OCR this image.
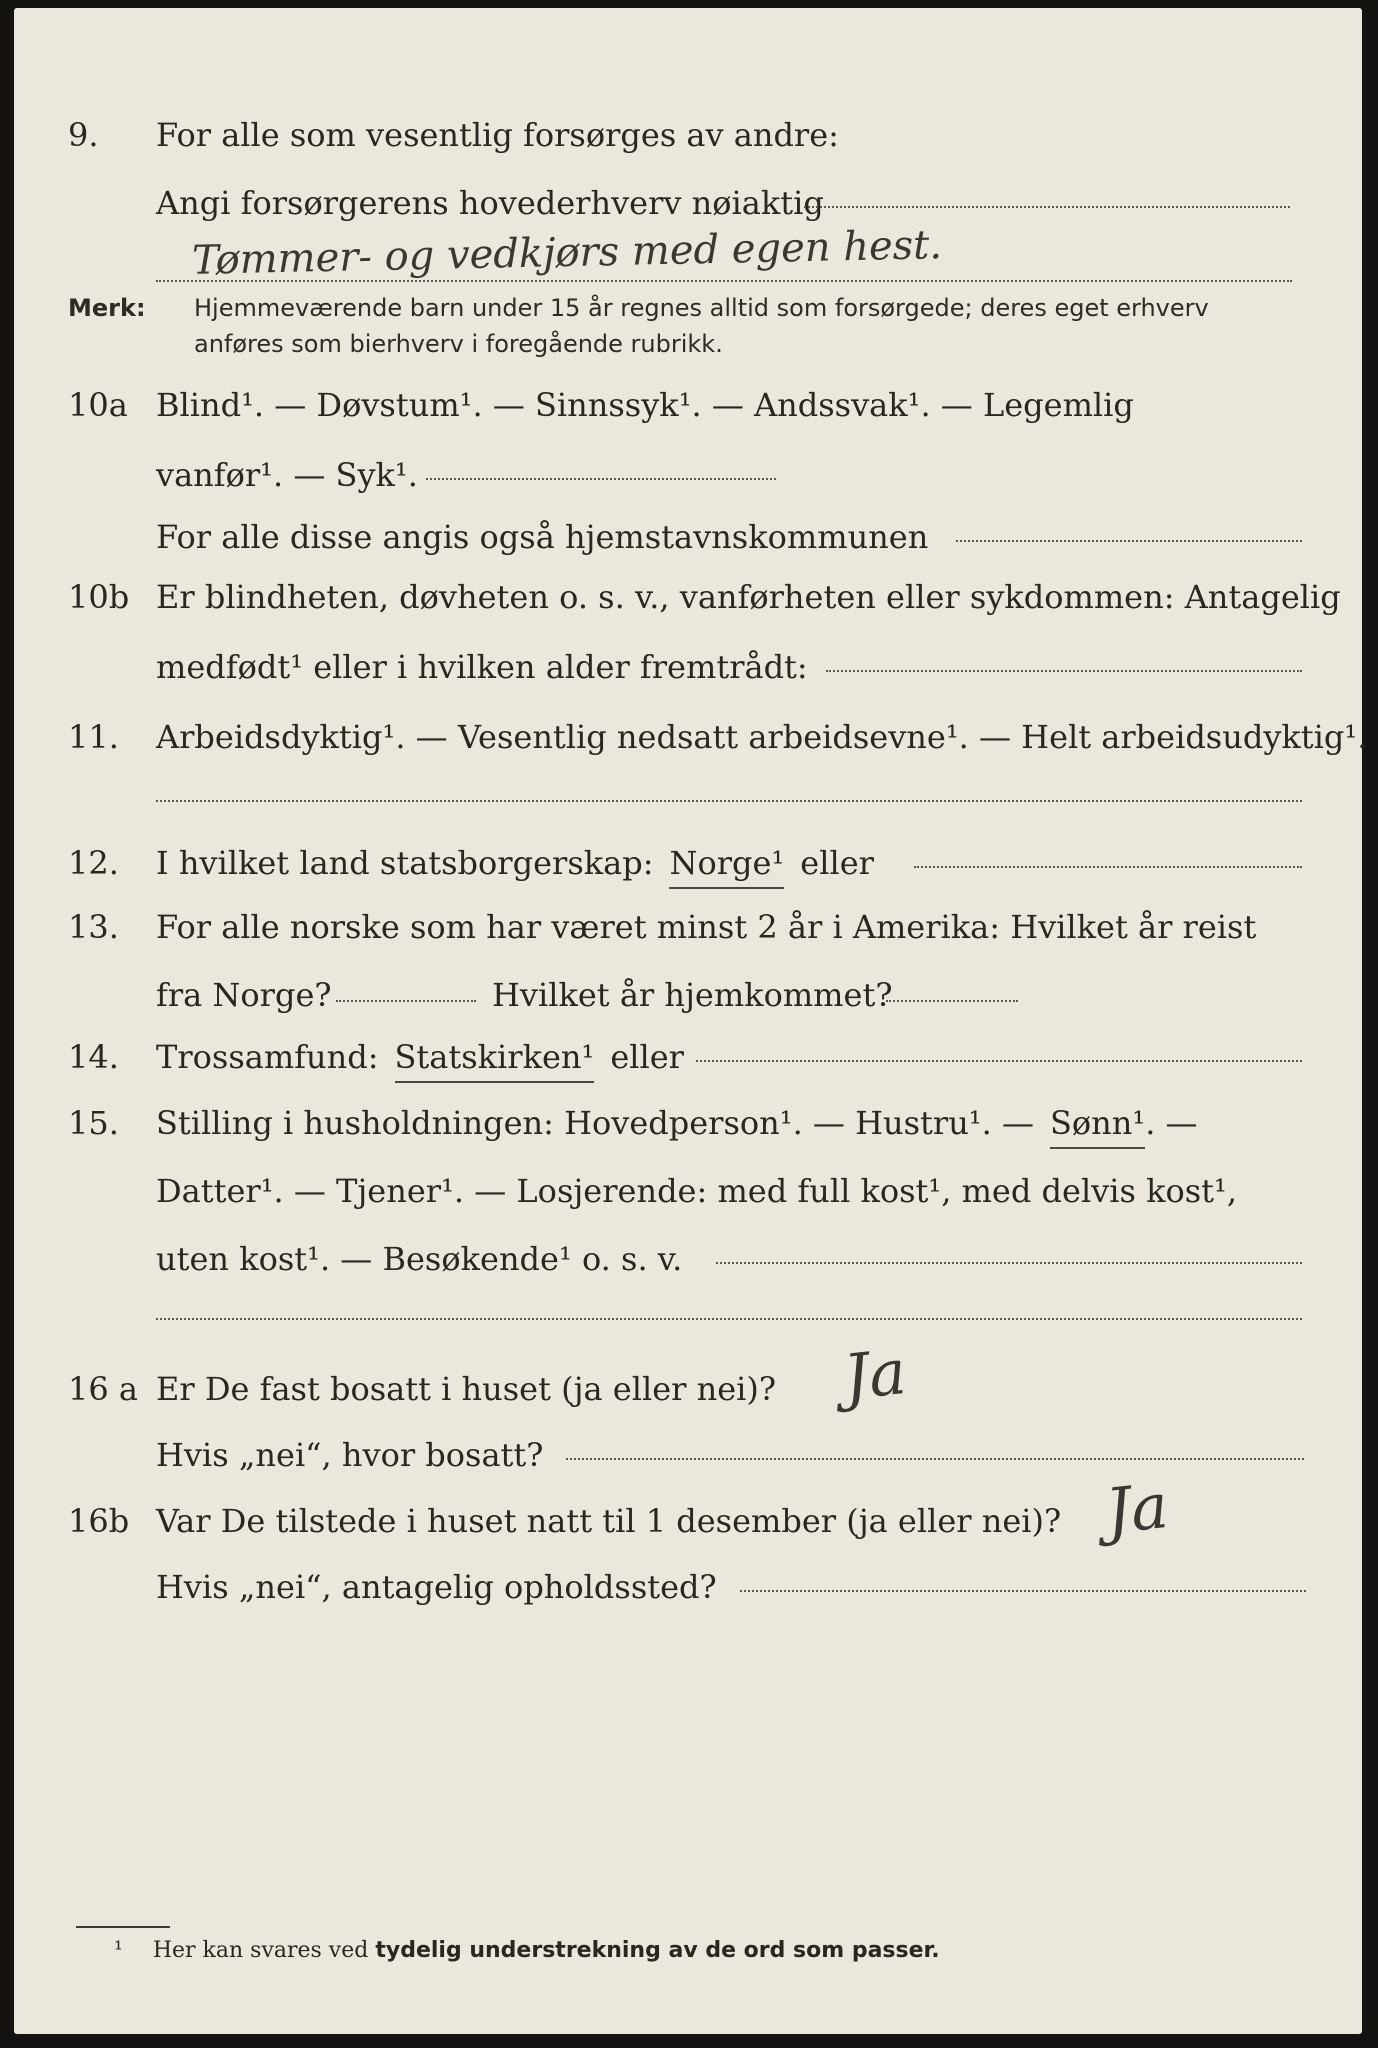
9. For alle som vesentlig forsørges av andre:
Angi forsørgerens hovederhverv nøiaktig
Tømmer- og vedkjørs med egen hest.
Merk: Hjemmeværende barn under 15 år regnes alltid som forsørgede; deres eget erhverv
anføres som bierhverv i foregående rubrikk.
10a Blind¹. — Døvstum¹. — Sinnssyk¹. — Andssvak¹. — Legemlig
vanfør¹. — Syk¹.
For alle disse angis også hjemstavnskommunen
10b Er blindheten, døvheten o. s. v., vanførheten eller sykdommen: Antagelig
medfødt¹ eller i hvilken alder fremtrådt:
11. Arbeidsdyktig¹. — Vesentlig nedsatt arbeidsevne¹. — Helt arbeidsudyktig¹.
12. I hvilket land statsborgerskap: Norge¹ eller
13. For alle norske som har været minst 2 år i Amerika: Hvilket år reist
fra Norge?	Hvilket år hjemkommet?
14. Trossamfund: Statskirken¹ eller
15. Stilling i husholdningen: Hovedperson¹. — Hustru¹. — Sønn¹ . —
Datter¹. — Tjener¹. — Losjerende: med full kost¹, med delvis kost¹,
uten kost¹. — Besøkende¹ o. s. v.
16 a Er De fast bosatt i huset (ja eller nei)? Ja
Hvis „nei“, hvor bosatt?
16b Var De tilstede i huset natt til 1 desember (ja eller nei)? Ja
Hvis „nei“, antagelig opholdssted?
¹ Her kan svares ved tydelig understrekning av de ord som passer.
